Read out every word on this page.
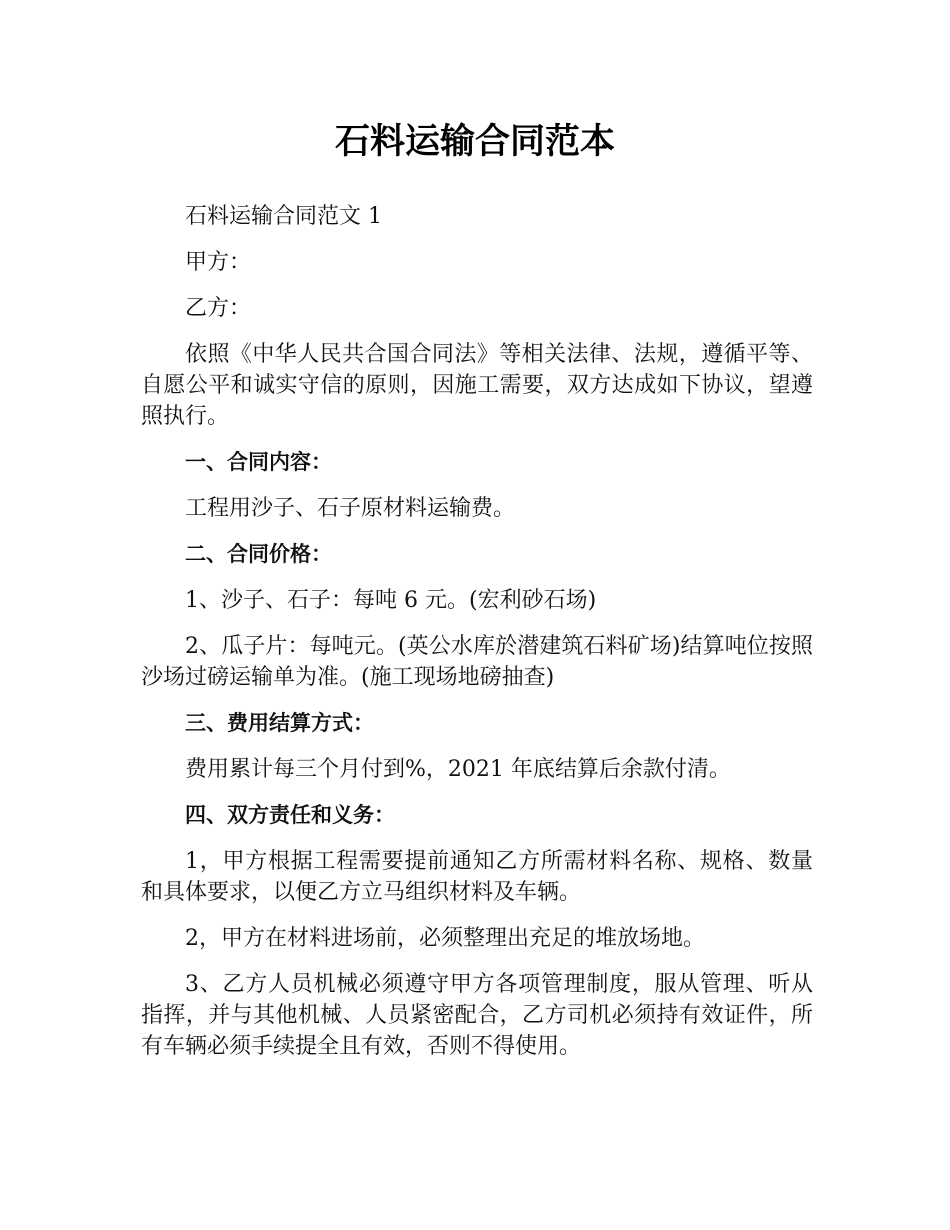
石料运输合同范本

石料运输合同范文 1

甲方：

乙方：

依照《中华人民共合国合同法》等相关法律、法规，遵循平等、自愿公平和诚实守信的原则，因施工需要，双方达成如下协议，望遵照执行。

一、合同内容：

工程用沙子、石子原材料运输费。

二、合同价格：

1、沙子、石子：每吨 6 元。(宏利砂石场)

2、瓜子片：每吨元。(英公水库於潜建筑石料矿场)结算吨位按照沙场过磅运输单为准。(施工现场地磅抽查)

三、费用结算方式：

费用累计每三个月付到%，2021 年底结算后余款付清。

四、双方责任和义务：

1，甲方根据工程需要提前通知乙方所需材料名称、规格、数量和具体要求，以便乙方立马组织材料及车辆。

2，甲方在材料进场前，必须整理出充足的堆放场地。

3、乙方人员机械必须遵守甲方各项管理制度，服从管理、听从指挥，并与其他机械、人员紧密配合，乙方司机必须持有效证件，所有车辆必须手续提全且有效，否则不得使用。
